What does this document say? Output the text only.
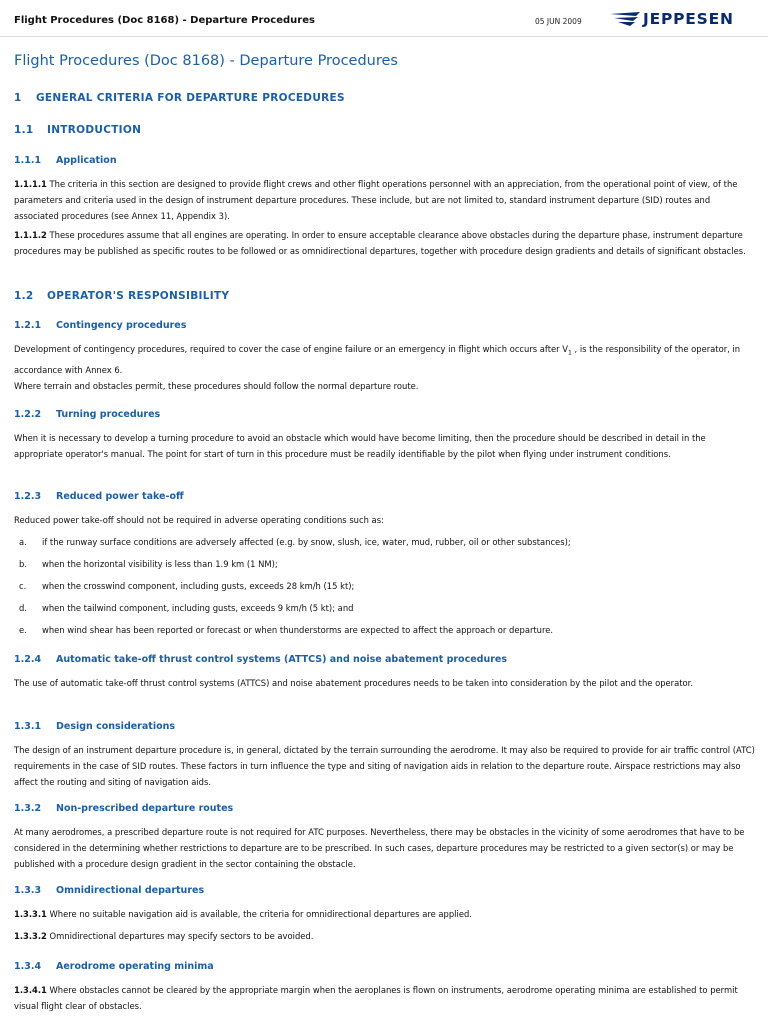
Flight Procedures (Doc 8168) - Departure Procedures	05 JUN 2009	JEPPESEN
Flight Procedures (Doc 8168) - Departure Procedures
1 GENERAL CRITERIA FOR DEPARTURE PROCEDURES
1.1 INTRODUCTION
1.1.1 Application
1.1.1.1 The criteria in this section are designed to provide flight crews and other flight operations personnel with an appreciation, from the operational point of view, of the parameters and criteria used in the design of instrument departure procedures. These include, but are not limited to, standard instrument departure (SID) routes and associated procedures (see Annex 11, Appendix 3).
1.1.1.2 These procedures assume that all engines are operating. In order to ensure acceptable clearance above obstacles during the departure phase, instrument departure procedures may be published as specific routes to be followed or as omnidirectional departures, together with procedure design gradients and details of significant obstacles.
1.2 OPERATOR'S RESPONSIBILITY
1.2.1 Contingency procedures
Development of contingency procedures, required to cover the case of engine failure or an emergency in flight which occurs after $V_1$ , is the responsibility of the operator, in accordance with Annex 6.
Where terrain and obstacles permit, these procedures should follow the normal departure route.
1.2.2 Turning procedures
When it is necessary to develop a turning procedure to avoid an obstacle which would have become limiting, then the procedure should be described in detail in the appropriate operator's manual. The point for start of turn in this procedure must be readily identifiable by the pilot when flying under instrument conditions.
1.2.3 Reduced power take-off
Reduced power take-off should not be required in adverse operating conditions such as:
a. if the runway surface conditions are adversely affected (e.g. by snow, slush, ice, water, mud, rubber, oil or other substances);
b. when the horizontal visibility is less than 1.9 km (1 NM);
c. when the crosswind component, including gusts, exceeds 28 km/h (15 kt);
d. when the tailwind component, including gusts, exceeds 9 km/h (5 kt); and
e. when wind shear has been reported or forecast or when thunderstorms are expected to affect the approach or departure.
1.2.4 Automatic take-off thrust control systems (ATTCS) and noise abatement procedures
The use of automatic take-off thrust control systems (ATTCS) and noise abatement procedures needs to be taken into consideration by the pilot and the operator.
1.3.1 Design considerations
The design of an instrument departure procedure is, in general, dictated by the terrain surrounding the aerodrome. It may also be required to provide for air traffic control (ATC) requirements in the case of SID routes. These factors in turn influence the type and siting of navigation aids in relation to the departure route. Airspace restrictions may also affect the routing and siting of navigation aids.
1.3.2 Non-prescribed departure routes
At many aerodromes, a prescribed departure route is not required for ATC purposes. Nevertheless, there may be obstacles in the vicinity of some aerodromes that have to be considered in the determining whether restrictions to departure are to be prescribed. In such cases, departure procedures may be restricted to a given sector(s) or may be published with a procedure design gradient in the sector containing the obstacle.
1.3.3 Omnidirectional departures
1.3.3.1 Where no suitable navigation aid is available, the criteria for omnidirectional departures are applied.
1.3.3.2 Omnidirectional departures may specify sectors to be avoided.
1.3.4 Aerodrome operating minima
1.3.4.1 Where obstacles cannot be cleared by the appropriate margin when the aeroplanes is flown on instruments, aerodrome operating minima are established to permit visual flight clear of obstacles.
